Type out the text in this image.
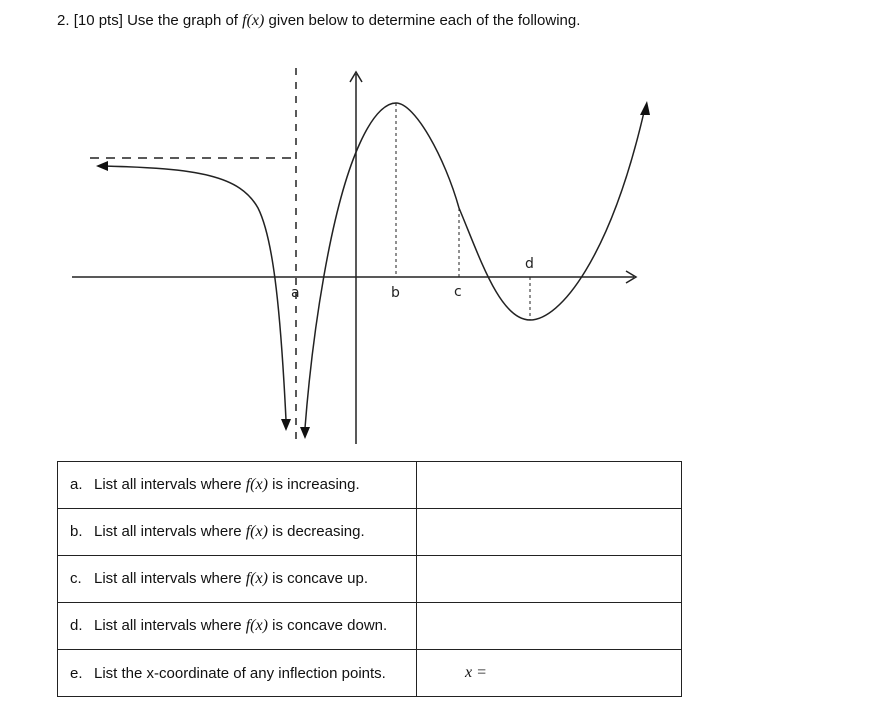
2. [10 pts] Use the graph of f(x) given below to determine each of the following.
a	b	c
d
a. List all intervals where f(x) is increasing.	
b. List all intervals where f(x) is decreasing.	
c. List all intervals where f(x) is concave up.	
d. List all intervals where f(x) is concave down.	
e. List the x-coordinate of any inflection points.	x =
